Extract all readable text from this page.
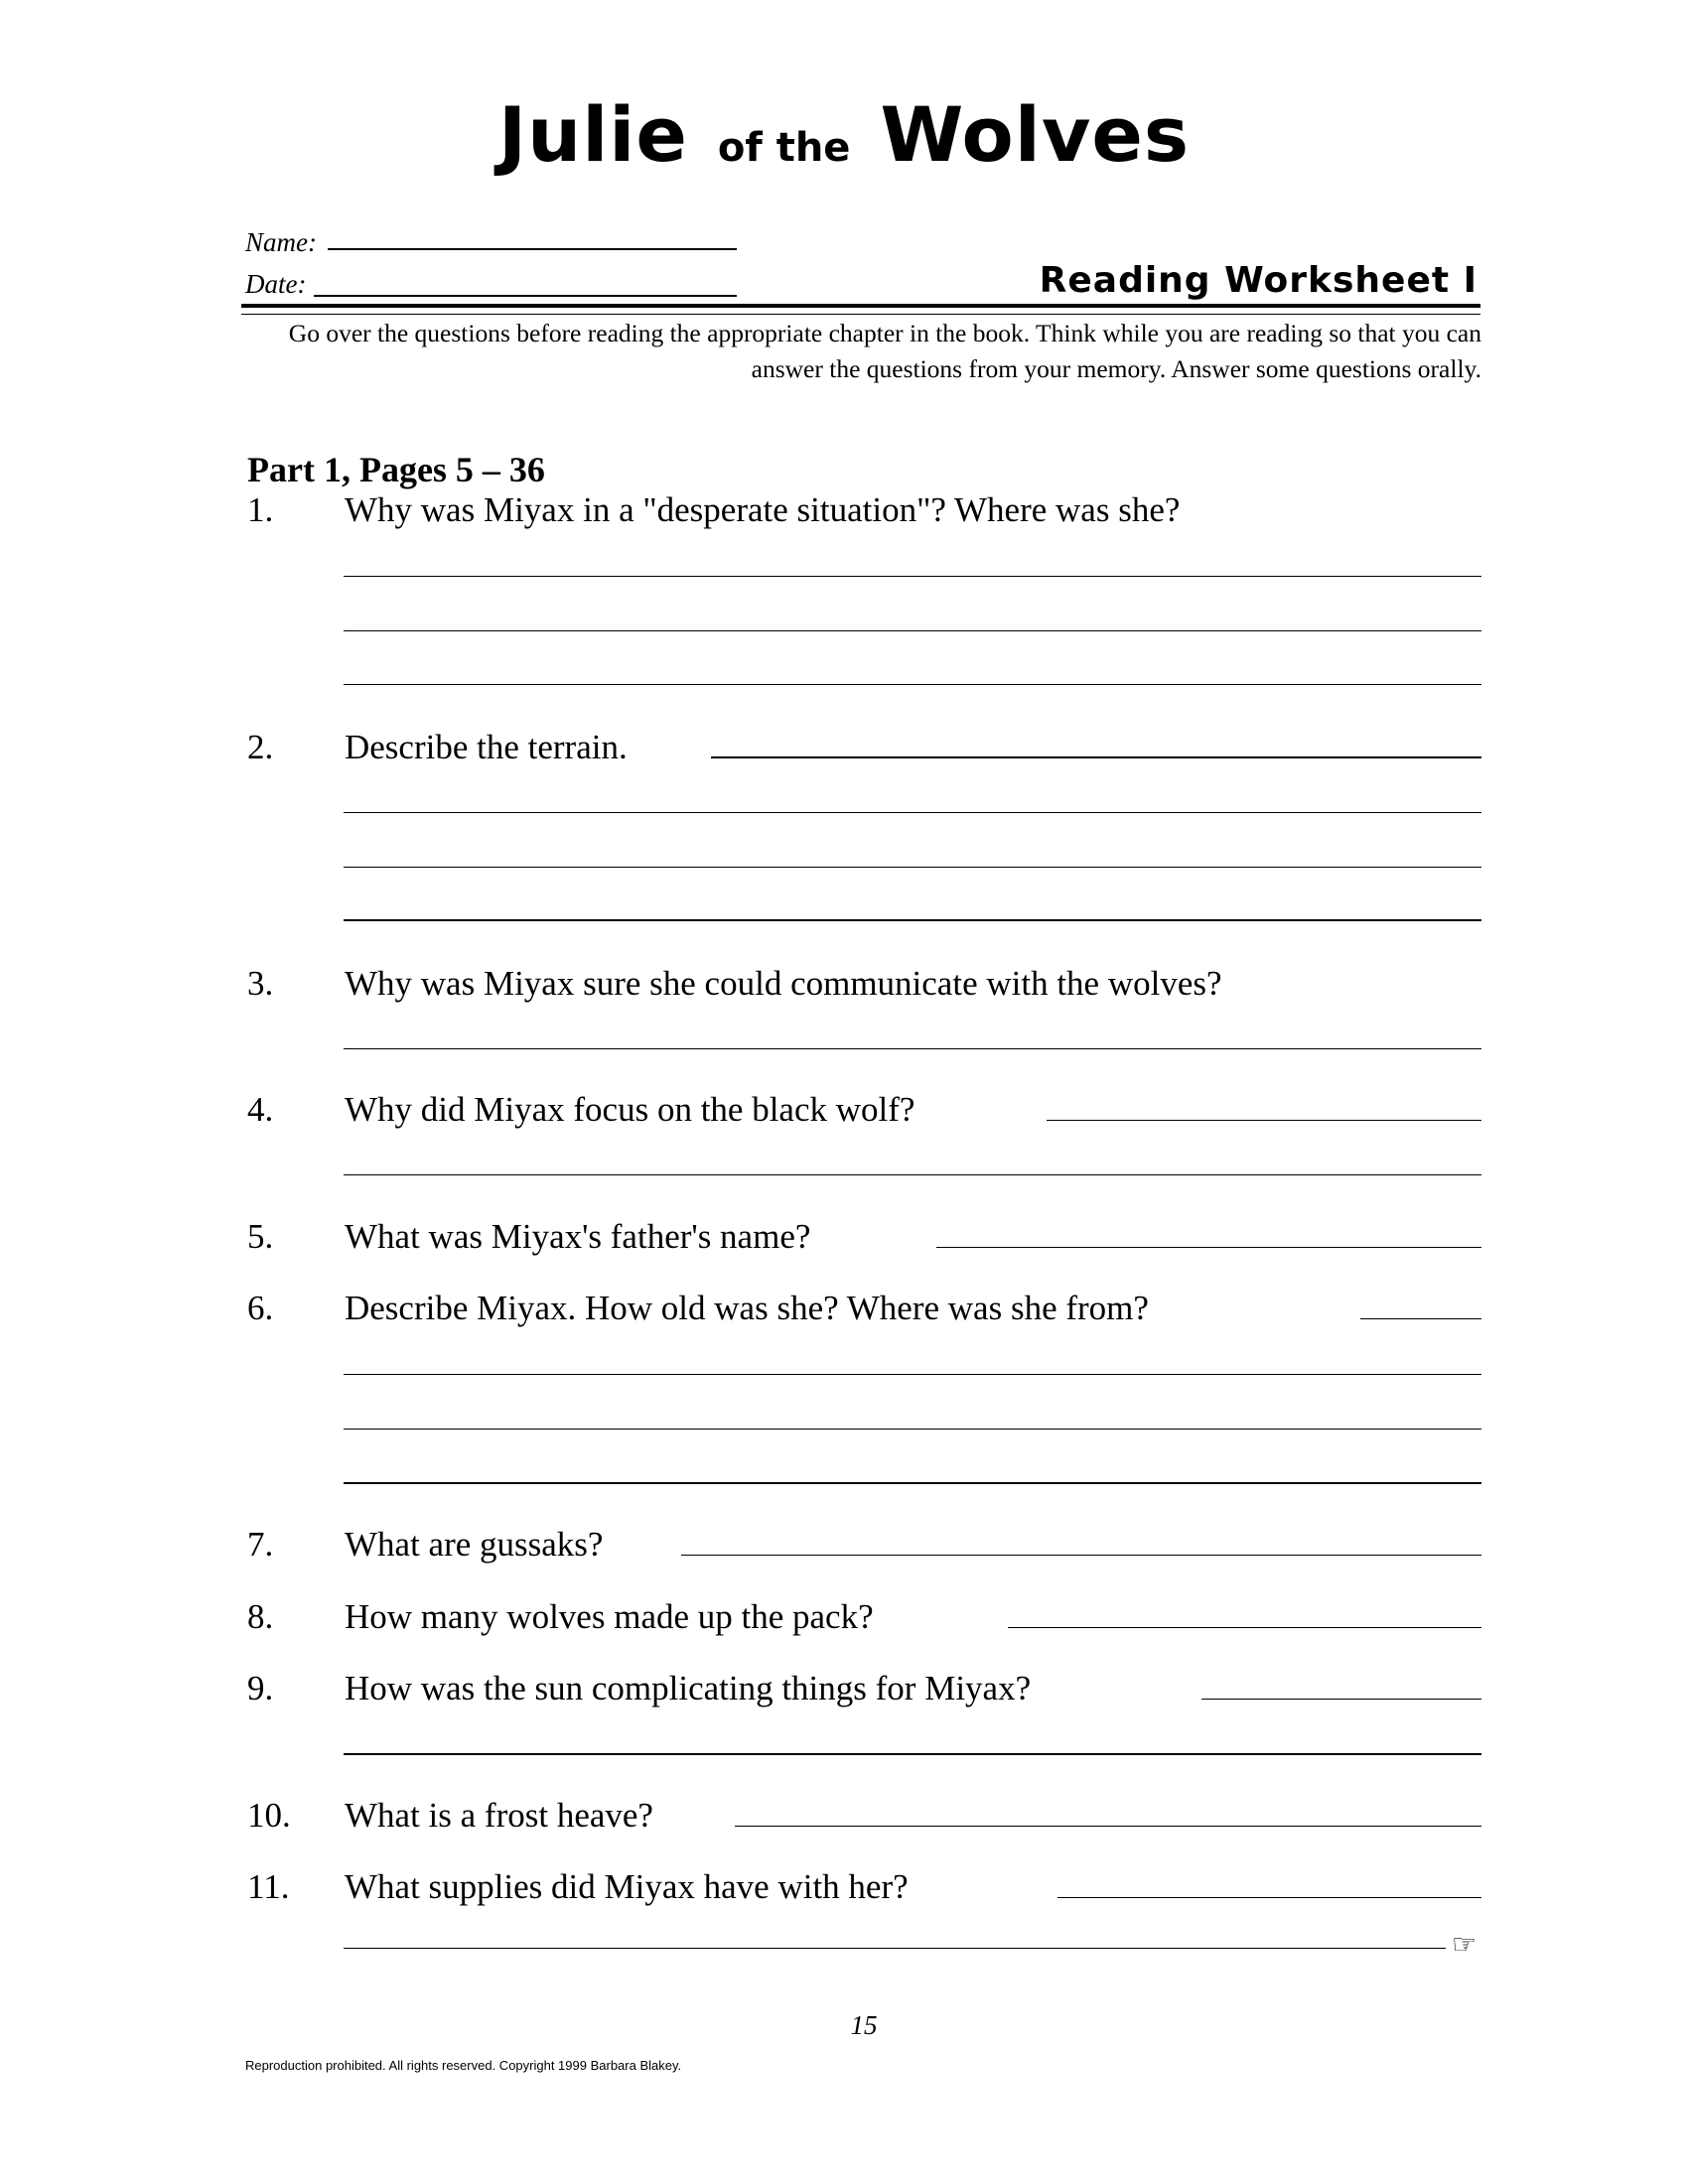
Julie of the Wolves
Name:
Date:	Reading Worksheet I
Go over the questions before reading the appropriate chapter in the book. Think while you are reading so that you can answer the questions from your memory. Answer some questions orally.
Part 1, Pages 5 – 36
1. Why was Miyax in a "desperate situation"? Where was she?
2. Describe the terrain.
3. Why was Miyax sure she could communicate with the wolves?
4. Why did Miyax focus on the black wolf?
5. What was Miyax's father's name?
6. Describe Miyax. How old was she? Where was she from?
7. What are gussaks?
8. How many wolves made up the pack?
9. How was the sun complicating things for Miyax?
10. What is a frost heave?
11. What supplies did Miyax have with her?
☞
15
Reproduction prohibited. All rights reserved. Copyright 1999 Barbara Blakey.
